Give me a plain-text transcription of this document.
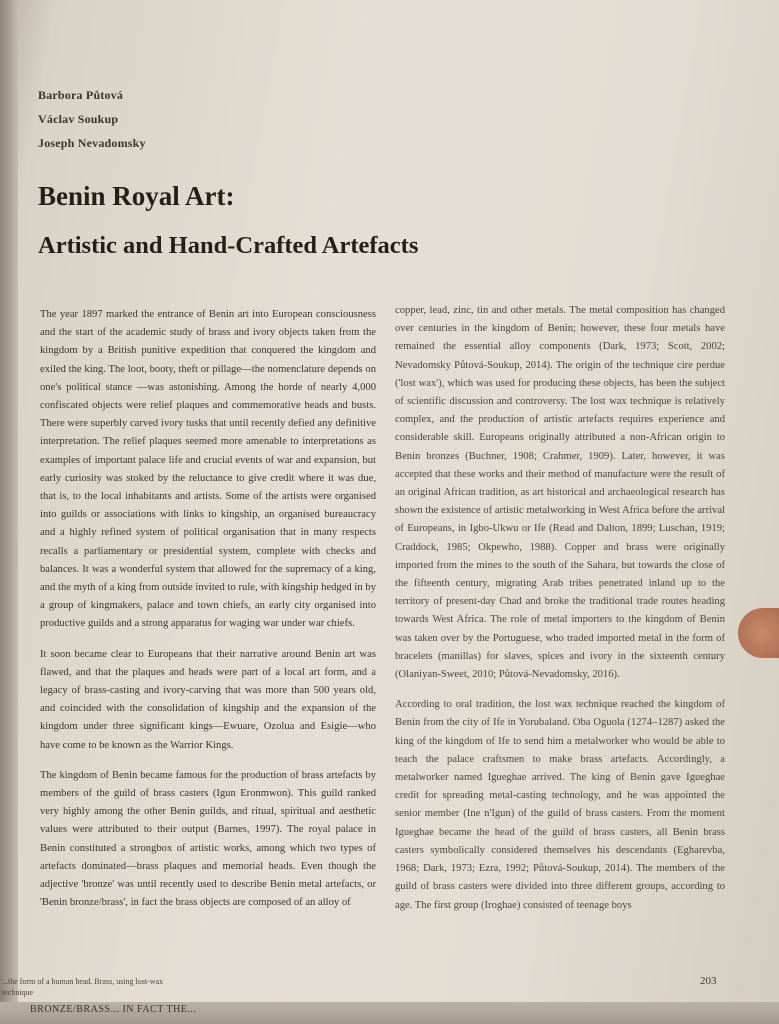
Barbora Půtová
Václav Soukup
Joseph Nevadomsky
Benin Royal Art:
Artistic and Hand-Crafted Artefacts

The year 1897 marked the entrance of Benin art into European consciousness and the start of the academic study of brass and ivory objects taken from the kingdom by a British punitive expedition that conquered the kingdom and exiled the king. The loot, booty, theft or pillage—the nomenclature depends on one's political stance —was astonishing. Among the horde of nearly 4,000 confiscated objects were relief plaques and commemorative heads and busts. There were superbly carved ivory tusks that until recently defied any definitive interpretation. The relief plaques seemed more amenable to interpretations as examples of important palace life and crucial events of war and expansion, but early curiosity was stoked by the reluctance to give credit where it was due, that is, to the local inhabitants and artists. Some of the artists were organised into guilds or associations with links to kingship, an organised bureaucracy and a highly refined system of political organisation that in many respects recalls a parliamentary or presidential system, complete with checks and balances. It was a wonderful system that allowed for the supremacy of a king, and the myth of a king from outside invited to rule, with kingship hedged in by a group of kingmakers, palace and town chiefs, an early city organised into productive guilds and a strong apparatus for waging war under war chiefs.

It soon became clear to Europeans that their narrative around Benin art was flawed, and that the plaques and heads were part of a local art form, and a legacy of brass-casting and ivory-carving that was more than 500 years old, and coincided with the consolidation of kingship and the expansion of the kingdom under three significant kings—Ewuare, Ozolua and Esigie—who have come to be known as the Warrior Kings.

The kingdom of Benin became famous for the production of brass artefacts by members of the guild of brass casters (Igun Eronmwon). This guild ranked very highly among the other Benin guilds, and ritual, spiritual and aesthetic values were attributed to their output (Barnes, 1997). The royal palace in Benin constituted a strongbox of artistic works, among which two types of artefacts dominated—brass plaques and memorial heads. Even though the adjective 'bronze' was until recently used to describe Benin metal artefacts, or 'Benin bronze/brass', in fact the brass objects are composed of an alloy of

copper, lead, zinc, tin and other metals. The metal composition has changed over centuries in the kingdom of Benin; however, these four metals have remained the essential alloy components (Dark, 1973; Scott, 2002; Nevadomsky Půtová-Soukup, 2014). The origin of the technique cire perdue ('lost wax'), which was used for producing these objects, has been the subject of scientific discussion and controversy. The lost wax technique is relatively complex, and the production of artistic artefacts requires experience and considerable skill. Europeans originally attributed a non-African origin to Benin bronzes (Buchner, 1908; Crahmer, 1909). Later, however, it was accepted that these works and their method of manufacture were the result of an original African tradition, as art historical and archaeological research has shown the existence of artistic metalworking in West Africa before the arrival of Europeans, in Igbo-Ukwu or Ife (Read and Dalton, 1899; Luschan, 1919; Craddock, 1985; Okpewho, 1988). Copper and brass were originally imported from the mines to the south of the Sahara, but towards the close of the fifteenth century, migrating Arab tribes penetrated inland up to the territory of present-day Chad and broke the traditional trade routes heading towards West Africa. The role of metal importers to the kingdom of Benin was taken over by the Portuguese, who traded imported metal in the form of bracelets (manillas) for slaves, spices and ivory in the sixteenth century (Olaniyan-Sweet, 2010; Půtová-Nevadomsky, 2016).

According to oral tradition, the lost wax technique reached the kingdom of Benin from the city of Ife in Yorubaland. Oba Oguola (1274–1287) asked the king of the kingdom of Ife to send him a metalworker who would be able to teach the palace craftsmen to make brass artefacts. Accordingly, a metalworker named Igueghae arrived. The king of Benin gave Igueghae credit for spreading metal-casting technology, and he was appointed the senior member (Ine n'Igun) of the guild of brass casters. From the moment Igueghae became the head of the guild of brass casters, all Benin brass casters symbolically considered themselves his descendants (Egharevba, 1968; Dark, 1973; Ezra, 1992; Půtová-Soukup, 2014). The members of the guild of brass casters were divided into three different groups, according to age. The first group (Iroghae) consisted of teenage boys

...the form of a human head. Brass, using lost-wax technique
203
BRONZE/BRASS... IN FACT THE...
